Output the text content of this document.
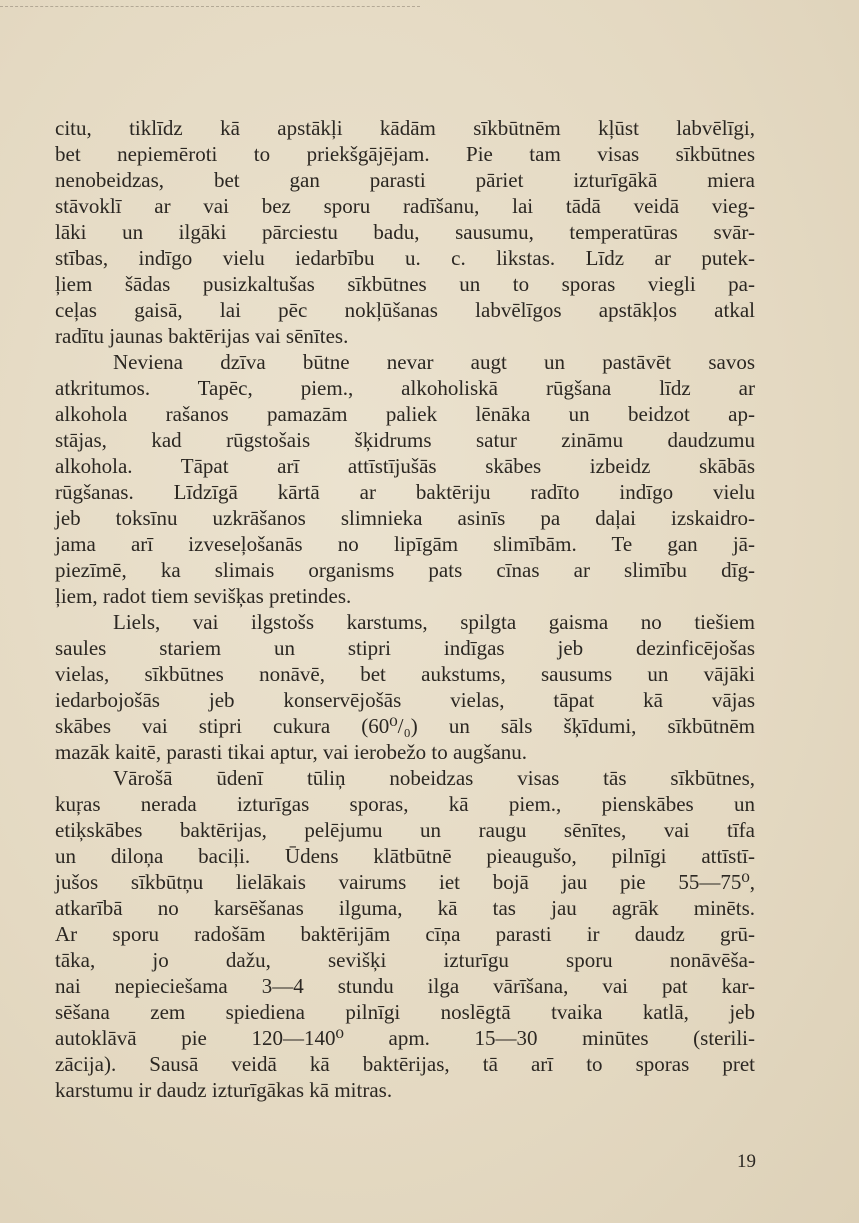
citu, tiklīdz kā apstākļi kādām sīkbūtnēm kļūst labvēlīgi,
bet nepiemēroti to priekšgājējam. Pie tam visas sīkbūtnes
nenobeidzas, bet gan parasti pāriet izturīgākā miera
stāvoklī ar vai bez sporu radīšanu, lai tādā veidā vieg-
lāki un ilgāki pārciestu badu, sausumu, temperatūras svār-
stības, indīgo vielu iedarbību u. c. likstas. Līdz ar putek-
ļiem šādas pusizkaltušas sīkbūtnes un to sporas viegli pa-
ceļas gaisā, lai pēc nokļūšanas labvēlīgos apstākļos atkal
radītu jaunas baktērijas vai sēnītes.
Neviena dzīva būtne nevar augt un pastāvēt savos
atkritumos. Tapēc, piem., alkoholiskā rūgšana līdz ar
alkohola rašanos pamazām paliek lēnāka un beidzot ap-
stājas, kad rūgstošais šķidrums satur zināmu daudzumu
alkohola. Tāpat arī attīstījušās skābes izbeidz skābās
rūgšanas. Līdzīgā kārtā ar baktēriju radīto indīgo vielu
jeb toksīnu uzkrāšanos slimnieka asinīs pa daļai izskaidro-
jama arī izveseļošanās no lipīgām slimībām. Te gan jā-
piezīmē, ka slimais organisms pats cīnas ar slimību dīg-
ļiem, radot tiem sevišķas pretindes.
Liels, vai ilgstošs karstums, spilgta gaisma no tiešiem
saules stariem un stipri indīgas jeb dezinficējošas
vielas, sīkbūtnes nonāvē, bet aukstums, sausums un vājāki
iedarbojošās jeb konservējošās vielas, tāpat kā vājas
skābes vai stipri cukura (60⁰/₀) un sāls šķīdumi, sīkbūtnēm
mazāk kaitē, parasti tikai aptur, vai ierobežo to augšanu.
Vārošā ūdenī tūliņ nobeidzas visas tās sīkbūtnes,
kuŗas nerada izturīgas sporas, kā piem., pienskābes un
etiķskābes baktērijas, pelējumu un raugu sēnītes, vai tīfa
un diloņa baciļi. Ūdens klātbūtnē pieaugušo, pilnīgi attīstī-
jušos sīkbūtņu lielākais vairums iet bojā jau pie 55—75⁰,
atkarībā no karsēšanas ilguma, kā tas jau agrāk minēts.
Ar sporu radošām baktērijām cīņa parasti ir daudz grū-
tāka, jo dažu, sevišķi izturīgu sporu nonāvēša-
nai nepieciešama 3—4 stundu ilga vārīšana, vai pat kar-
sēšana zem spiediena pilnīgi noslēgtā tvaika katlā, jeb
autoklāvā pie 120—140⁰ apm. 15—30 minūtes (sterili-
zācija). Sausā veidā kā baktērijas, tā arī to sporas pret
karstumu ir daudz izturīgākas kā mitras.
19
